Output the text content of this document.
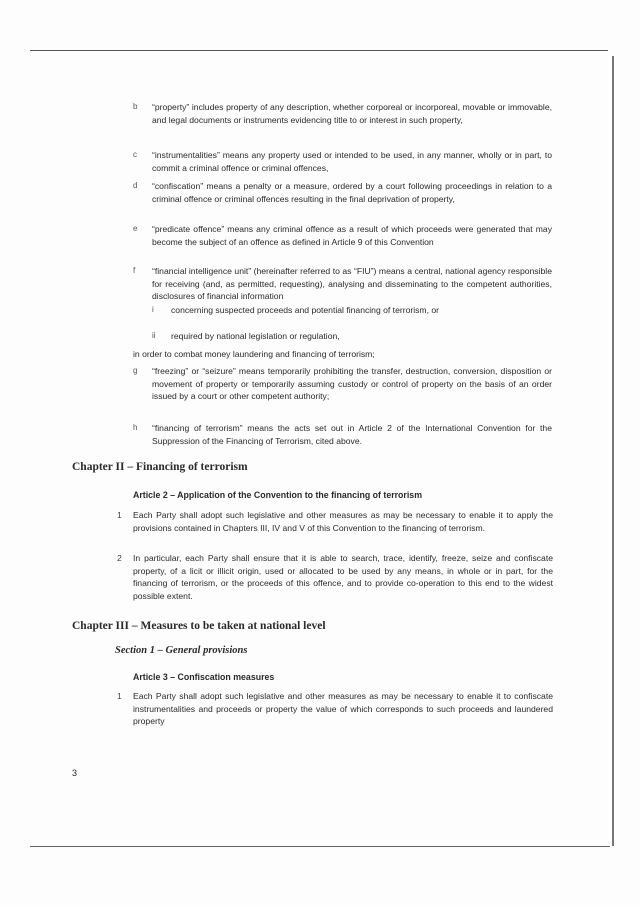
b “property” includes property of any description, whether corporeal or incorporeal, movable or immovable, and legal documents or instruments evidencing title to or interest in such property,
c “instrumentalities” means any property used or intended to be used, in any manner, wholly or in part, to commit a criminal offence or criminal offences,
d “confiscation” means a penalty or a measure, ordered by a court following proceedings in relation to a criminal offence or criminal offences resulting in the final deprivation of property,
e “predicate offence” means any criminal offence as a result of which proceeds were generated that may become the subject of an offence as defined in Article 9 of this Convention
f “financial intelligence unit” (hereinafter referred to as “FIU”) means a central, national agency responsible for receiving (and, as permitted, requesting), analysing and disseminating to the competent authorities, disclosures of financial information
i concerning suspected proceeds and potential financing of terrorism, or
ii required by national legislation or regulation,
in order to combat money laundering and financing of terrorism;
g “freezing” or “seizure” means temporarily prohibiting the transfer, destruction, conversion, disposition or movement of property or temporarily assuming custody or control of property on the basis of an order issued by a court or other competent authority;
h “financing of terrorism” means the acts set out in Article 2 of the International Convention for the Suppression of the Financing of Terrorism, cited above.
Chapter II – Financing of terrorism
Article 2 – Application of the Convention to the financing of terrorism
1 Each Party shall adopt such legislative and other measures as may be necessary to enable it to apply the provisions contained in Chapters III, IV and V of this Convention to the financing of terrorism.
2 In particular, each Party shall ensure that it is able to search, trace, identify, freeze, seize and confiscate property, of a licit or illicit origin, used or allocated to be used by any means, in whole or in part, for the financing of terrorism, or the proceeds of this offence, and to provide co-operation to this end to the widest possible extent.
Chapter III – Measures to be taken at national level
Section 1 – General provisions
Article 3 – Confiscation measures
1 Each Party shall adopt such legislative and other measures as may be necessary to enable it to confiscate instrumentalities and proceeds or property the value of which corresponds to such proceeds and laundered property
3
